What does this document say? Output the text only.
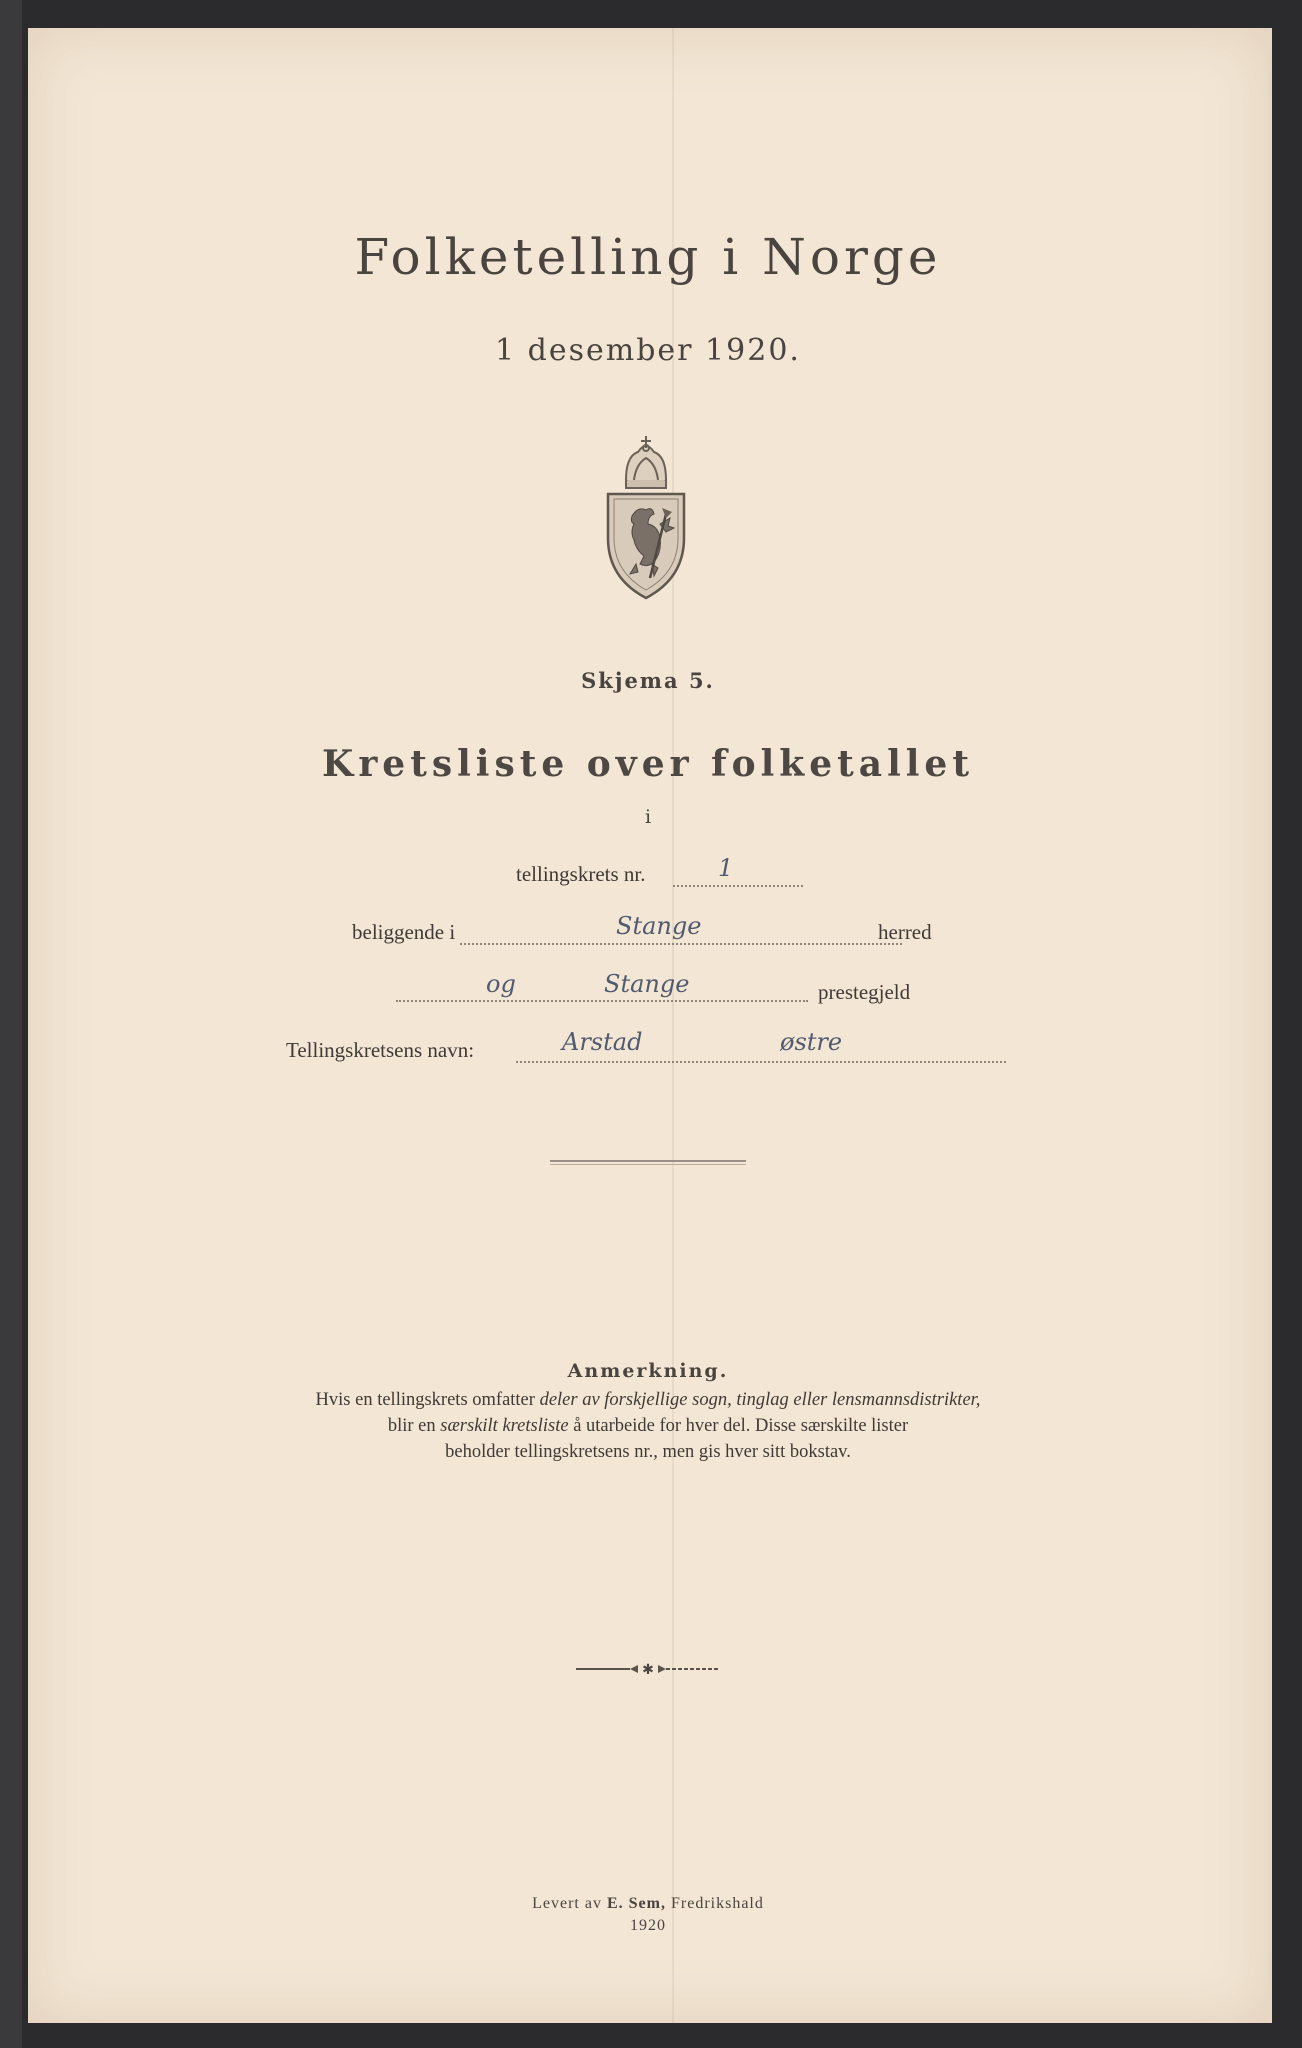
Folketelling i Norge
1 desember 1920.
Skjema 5.
Kretsliste over folketallet
i
tellingskrets nr.	1
beliggende i	Stange	herred
og	Stange	prestegjeld
Tellingskretsens navn:	Arstad	østre
Anmerkning.
Hvis en tellingskrets omfatter deler av forskjellige sogn, tinglag eller lensmannsdistrikter,
blir en særskilt kretsliste å utarbeide for hver del. Disse særskilte lister
beholder tellingskretsens nr., men gis hver sitt bokstav.
✱
Levert av E. Sem, Fredrikshald
1920
